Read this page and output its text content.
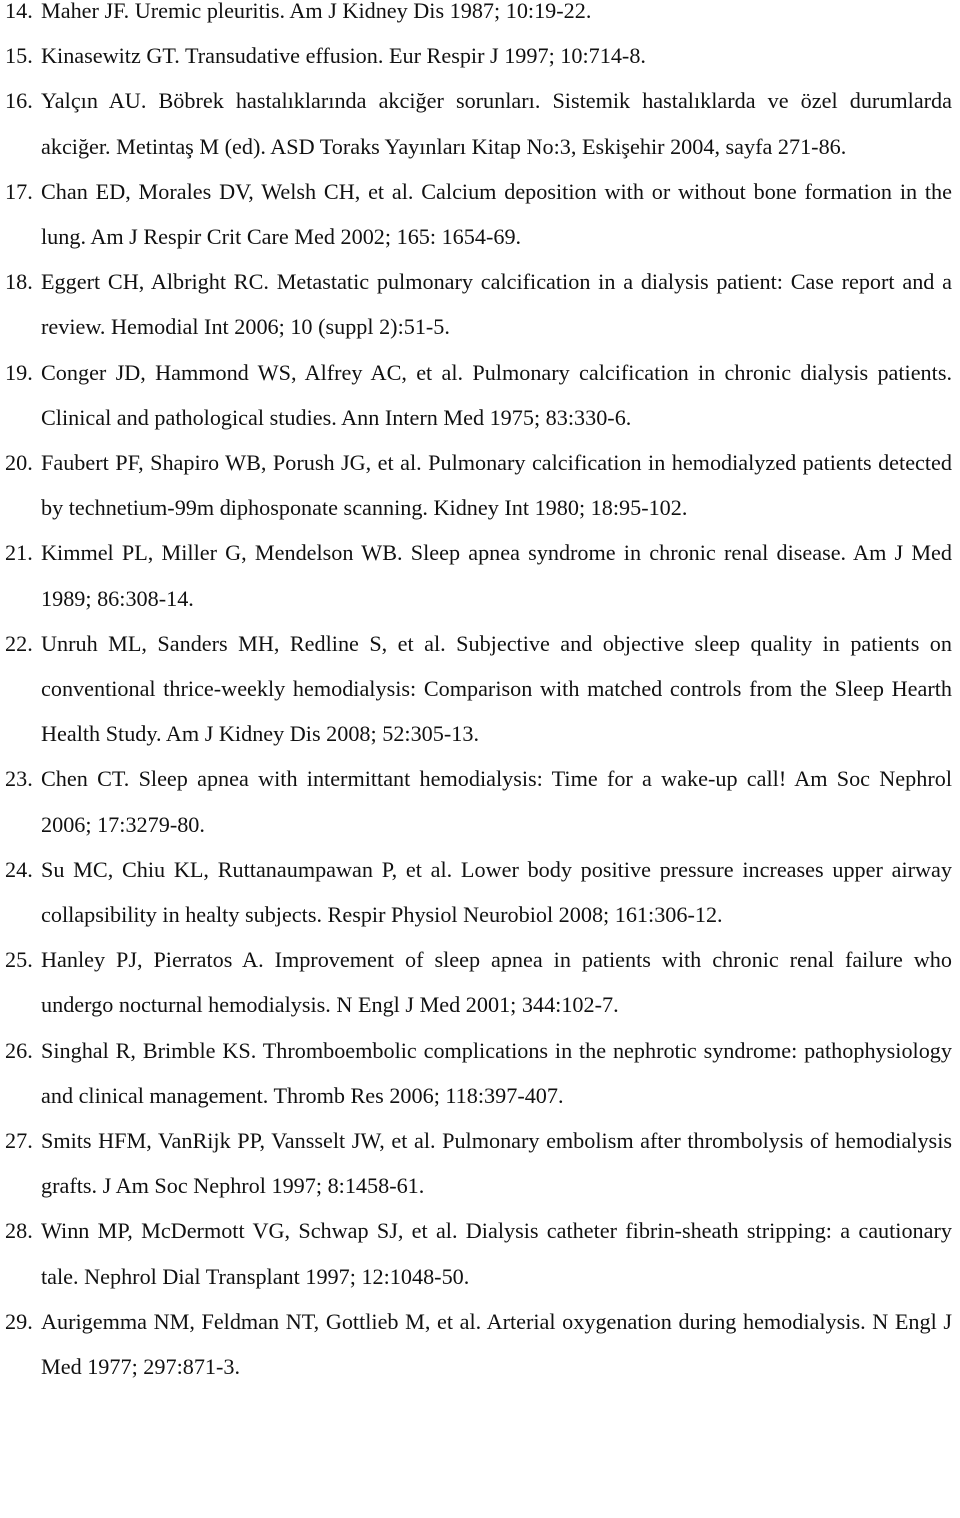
14. Maher JF. Uremic pleuritis. Am J Kidney Dis 1987; 10:19-22.
15. Kinasewitz GT. Transudative effusion. Eur Respir J 1997; 10:714-8.
16. Yalçın AU. Böbrek hastalıklarında akciğer sorunları. Sistemik hastalıklarda ve özel durumlarda akciğer. Metintaş M (ed). ASD Toraks Yayınları Kitap No:3, Eskişehir 2004, sayfa 271-86.
17. Chan ED, Morales DV, Welsh CH, et al. Calcium deposition with or without bone formation in the lung. Am J Respir Crit Care Med 2002; 165: 1654-69.
18. Eggert CH, Albright RC. Metastatic pulmonary calcification in a dialysis patient: Case report and a review. Hemodial Int 2006; 10 (suppl 2):51-5.
19. Conger JD, Hammond WS, Alfrey AC, et al. Pulmonary calcification in chronic dialysis patients. Clinical and pathological studies. Ann Intern Med 1975; 83:330-6.
20. Faubert PF, Shapiro WB, Porush JG, et al. Pulmonary calcification in hemodialyzed patients detected by technetium-99m diphosponate scanning. Kidney Int 1980; 18:95-102.
21. Kimmel PL, Miller G, Mendelson WB. Sleep apnea syndrome in chronic renal disease. Am J Med 1989; 86:308-14.
22. Unruh ML, Sanders MH, Redline S, et al. Subjective and objective sleep quality in patients on conventional thrice-weekly hemodialysis: Comparison with matched controls from the Sleep Hearth Health Study. Am J Kidney Dis 2008; 52:305-13.
23. Chen CT. Sleep apnea with intermittant hemodialysis: Time for a wake-up call! Am Soc Nephrol 2006; 17:3279-80.
24. Su MC, Chiu KL, Ruttanaumpawan P, et al. Lower body positive pressure increases upper airway collapsibility in healty subjects. Respir Physiol Neurobiol 2008; 161:306-12.
25. Hanley PJ, Pierratos A. Improvement of sleep apnea in patients with chronic renal failure who undergo nocturnal hemodialysis. N Engl J Med 2001; 344:102-7.
26. Singhal R, Brimble KS. Thromboembolic complications in the nephrotic syndrome: pathophysiology and clinical management. Thromb Res 2006; 118:397-407.
27. Smits HFM, VanRijk PP, Vansselt JW, et al. Pulmonary embolism after thrombolysis of hemodialysis grafts. J Am Soc Nephrol 1997; 8:1458-61.
28. Winn MP, McDermott VG, Schwap SJ, et al. Dialysis catheter fibrin-sheath stripping: a cautionary tale. Nephrol Dial Transplant 1997; 12:1048-50.
29. Aurigemma NM, Feldman NT, Gottlieb M, et al. Arterial oxygenation during hemodialysis. N Engl J Med 1977; 297:871-3.
